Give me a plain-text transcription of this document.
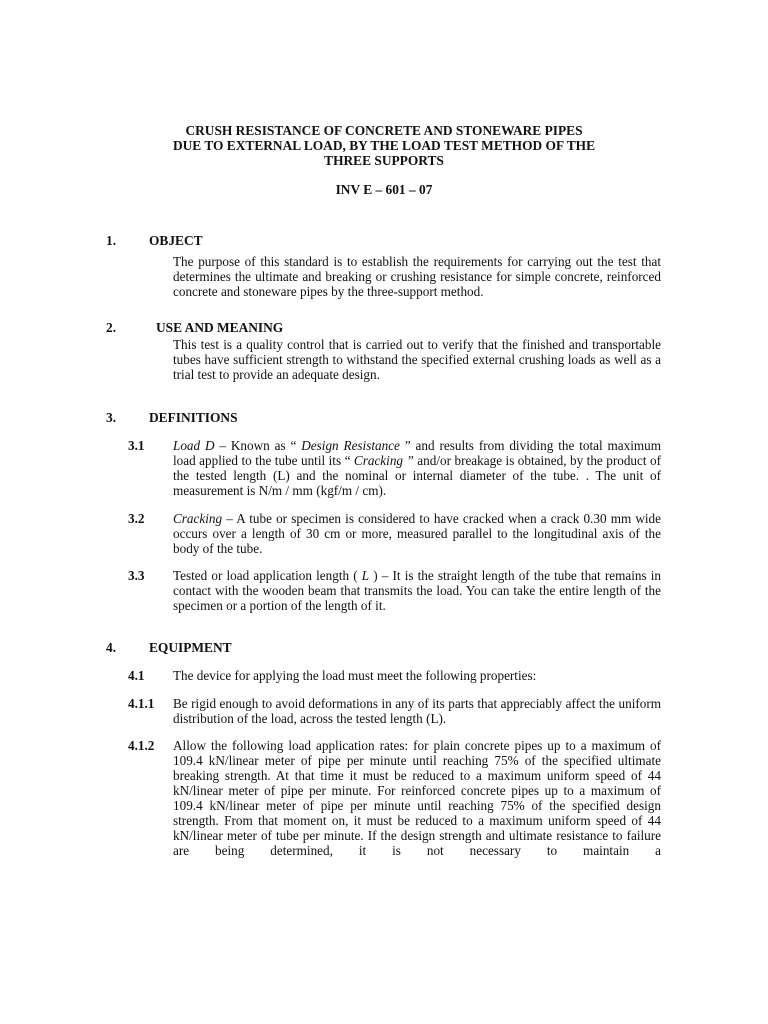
CRUSH RESISTANCE OF CONCRETE AND STONEWARE PIPES
DUE TO EXTERNAL LOAD, BY THE LOAD TEST METHOD OF THE
THREE SUPPORTS
INV E – 601 – 07
1. OBJECT
The purpose of this standard is to establish the requirements for carrying out the test that determines the ultimate and breaking or crushing resistance for simple concrete, reinforced concrete and stoneware pipes by the three-support method.
2.	USE AND MEANING
This test is a quality control that is carried out to verify that the finished and transportable tubes have sufficient strength to withstand the specified external crushing loads as well as a trial test to provide an adequate design.
3. DEFINITIONS
3.1 Load D – Known as “ Design Resistance ” and results from dividing the total maximum load applied to the tube until its “ Cracking ” and/or breakage is obtained, by the product of the tested length (L) and the nominal or internal diameter of the tube. . The unit of measurement is N/m / mm (kgf/m / cm).

3.2 Cracking – A tube or specimen is considered to have cracked when a crack 0.30 mm wide occurs over a length of 30 cm or more, measured parallel to the longitudinal axis of the body of the tube.

3.3 Tested or load application length ( L ) – It is the straight length of the tube that remains in contact with the wooden beam that transmits the load. You can take the entire length of the specimen or a portion of the length of it.

4. EQUIPMENT
4.1 The device for applying the load must meet the following properties:

4.1.1 Be rigid enough to avoid deformations in any of its parts that appreciably affect the uniform distribution of the load, across the tested length (L).

4.1.2 Allow the following load application rates: for plain concrete pipes up to a maximum of 109.4 kN/linear meter of pipe per minute until reaching 75% of the specified ultimate breaking strength. At that time it must be reduced to a maximum uniform speed of 44 kN/linear meter of pipe per minute. For reinforced concrete pipes up to a maximum of 109.4 kN/linear meter of pipe per minute until reaching 75% of the specified design strength. From that moment on, it must be reduced to a maximum uniform speed of 44 kN/linear meter of tube per minute. If the design strength and ultimate resistance to failure are being determined, it is not necessary to maintain a
